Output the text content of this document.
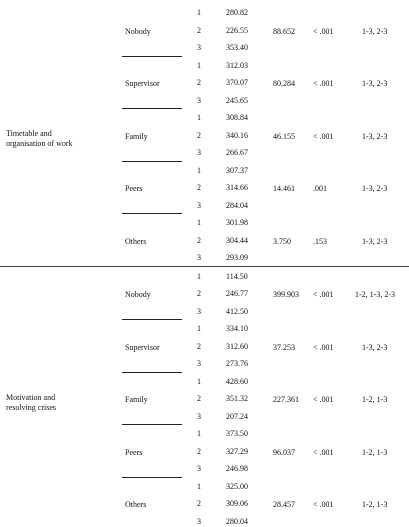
Timetable and
organisation of work
Nobody	88.652 < .001	1-3, 2-3
1	280.82
2	226.55
3	353.40
Supervisor	80.284 < .001	1-3, 2-3
1	312.03
2	370.07
3	245.65
Family	46.155 < .001	1-3, 2-3
1	308.84
2	340.16
3	266.67
Peers	14.461 .001	1-3, 2-3
1	307.37
2	314.66
3	284.04
Others	3.750	.153	1-3, 2-3
1	301.98
2	304.44
3	293.09
Motivation and
resolving crises
Nobody	399.903 < .001	1-2, 1-3, 2-3
1	114.50
2	246.77
3	412.50
Supervisor	37.253 < .001	1-3, 2-3
1	334.10
2	312.60
3	273.76
Family	227.361 < .001	1-2, 1-3
1	428.60
2	351.32
3	207.24
Peers	96.037 < .001	1-2, 1-3
1	373.50
2	327.29
3	246.98
Others	28.457 < .001	1-2, 1-3
1	325.00
2	309.06
3	280.04
